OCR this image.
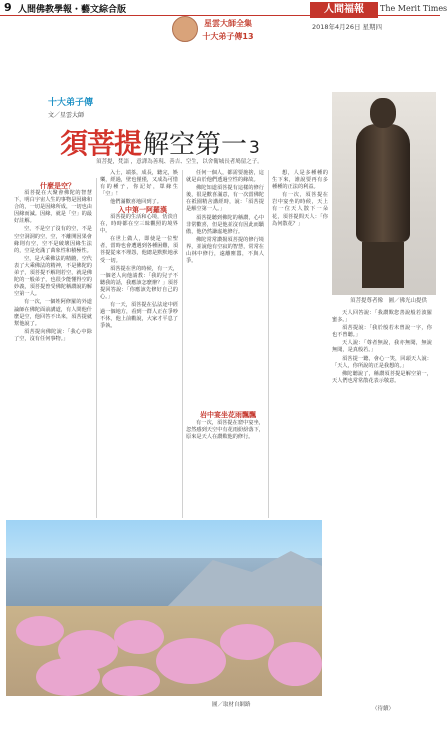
9 人間佛教學報・藝文綜合版
星雲大師全集
十大弟子傳13
人間福報	The Merit Times
2018年4月26日 星期四
十大弟子傳
文／星雲大師
須菩提解空第一 3
須菩提，梵語 ，意譯為善現、善吉、空生，以舍衛城長者鳩留之子。
須菩提尊者像　圖／佛光山提供
什麼是空？

須菩提在大聚會佛陀的智慧下，明白宇宙人生的事物是因緣和合的，一切是因緣所成，一切也由因緣而滅。因緣，就是「空」的最好註解。

空，不是空了沒有的空，不是空空洞洞的空，空，不離開因果會緣則有空，空不是破壞因緣生法的，空是充滿了萬象性和積極性。

空，是大乘佛法的精髓，空代表了大乘佛法的精神，不是佛陀的弟子，須菩提不解則若空，就是佛陀的一般弟子，也很少能懂得空的妙義，須菩提曾受佛陀稱讚說的解空第一人。

有一次，一個姓阿修羅的外道論師在佛陀面前講道，有人問他什麼是空，他回答不出來，須菩提就幫他說了。

須菩提向佛陀說：「我心中除了空，沒有任何事物。」

入士，端茶，成長，聽完，娛樂，經過，壁也僅僅，又成為可惜有的種子，你記好，眾緣生「空」！

他們滿歡喜地回到了。

入中第一阿羅漢

須菩提的生活和心境，恬淡自在，時時都在空三昧觀照的境界中。

在世上做人，即使是一位聖者，當時也會遭遇到各種困難，須菩提從來不埋怨，他總是默默地承受一切。

須菩提在世的時候，有一天，一個老人向他請教：「我的兒子不聽我的話，我應該怎麼辦？」須菩提回答說：「你應該先修好自己的心。」

有一天，須菩提在弘法途中經過一個地方，看到一群人正在爭吵不休，他上前勸說，大家才平息了爭執。

任何一個人，都需要施捨，這就是由於他們透過空性的緣故。

佛陀知道須菩提有這樣的修行後，很是歡喜滿意，有一次當佛陀在祇園精舍講經時，說：「須菩提是解空第一人。」

須菩提聽到佛陀的稱讚，心中非常歡喜，但是他並沒有因此而驕傲，他仍然謙虛地修行。

佛陀常常讚揚須菩提的修行境界，並說他有空寂的智慧，常常在山林中修行，遠離塵囂，不與人爭。

岩中宴坐花雨飄飄

有一次，須菩提在窟中宴坐，忽然感到天空中有花雨紛紛落下，原來是天人在讚歎他的修行。

想，人是多種種的生下來，誰說要再有多種種的正法的利益。

有一次，須菩提在岩中宴坐的時候，天上有一位天人散下一朵花，須菩提問天人：「你為何散花？」

天人回答說：「我讚歎您善說般若波羅蜜多。」

須菩提說：「我於般若未曾說一字，你也不曾聽。」

天人說：「尊者無說，我亦無聞，無說無聞，是真般若。」

須菩提一聽，會心一笑，回頭天人說：「天人，你所說的正是我想的。」

佛陀聽說了，稱讚須菩提是解空第一，天人們也常常散花表示敬意。

圖／取材自網路
（待續）
